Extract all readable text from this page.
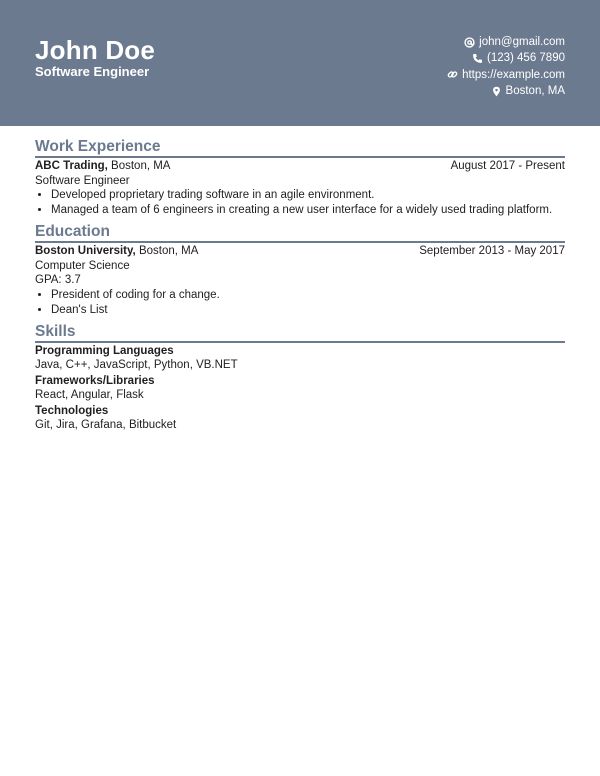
John Doe
Software Engineer
john@gmail.com
(123) 456 7890
https://example.com
Boston, MA
Work Experience
ABC Trading, Boston, MA	August 2017 - Present
Software Engineer
• Developed proprietary trading software in an agile environment.
• Managed a team of 6 engineers in creating a new user interface for a widely used trading platform.
Education
Boston University, Boston, MA	September 2013 - May 2017
Computer Science
GPA: 3.7
• President of coding for a change.
• Dean's List
Skills
Programming Languages
Java, C++, JavaScript, Python, VB.NET
Frameworks/Libraries
React, Angular, Flask
Technologies
Git, Jira, Grafana, Bitbucket
